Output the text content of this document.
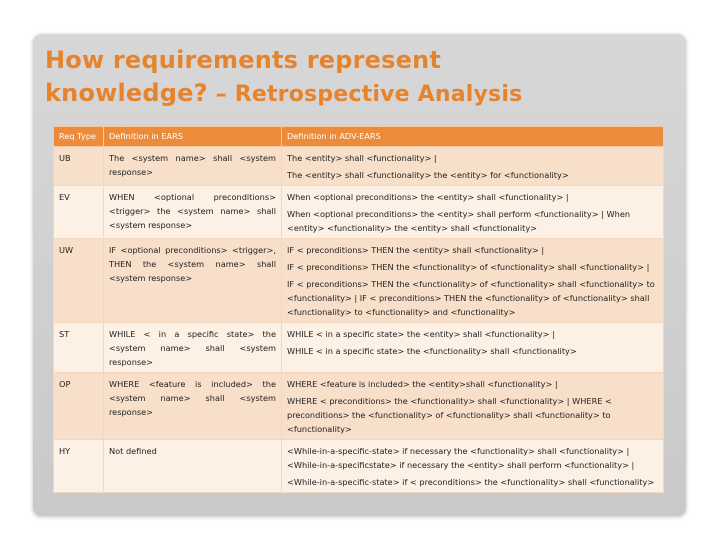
How requirements represent
knowledge? – Retrospective Analysis
Req Type	Definition in EARS	Definition in ADV-EARS
UB	The <system name> shall <system response>	The <entity> shall <functionality> |

The <entity> shall <functionality> the <entity> for <functionality>

EV	WHEN <optional preconditions> <trigger> the <system name> shall <system response>	When <optional preconditions> the <entity> shall <functionality> |

When <optional preconditions> the <entity> shall perform <functionality> | When <entity> <functionality> the <entity> shall <functionality>

UW	IF <optional preconditions> <trigger>, THEN the <system name> shall <system response>	IF < preconditions> THEN the <entity> shall <functionality> |

IF < preconditions> THEN the <functionality> of <functionality> shall <functionality> |

IF < preconditions> THEN the <functionality> of <functionality> shall <functionality> to <functionality> | IF < preconditions> THEN the <functionality> of <functionality> shall <functionality> to <functionality> and <functionality>

ST	WHILE < in a specific state> the <system name> shall <system response>	WHILE < in a specific state> the <entity> shall <functionality> |

WHILE < in a specific state> the <functionality> shall <functionality>

OP	WHERE <feature is included> the <system name> shall <system response>	WHERE <feature is included> the <entity>shall <functionality> |

WHERE < preconditions> the <functionality> shall <functionality> | WHERE < preconditions> the <functionality> of <functionality> shall <functionality> to <functionality>

HY	Not defined	<While-in-a-specific-state> if necessary the <functionality> shall <functionality> | <While-in-a-specificstate> if necessary the <entity> shall perform <functionality> |

<While-in-a-specific-state> if < preconditions> the <functionality> shall <functionality>
